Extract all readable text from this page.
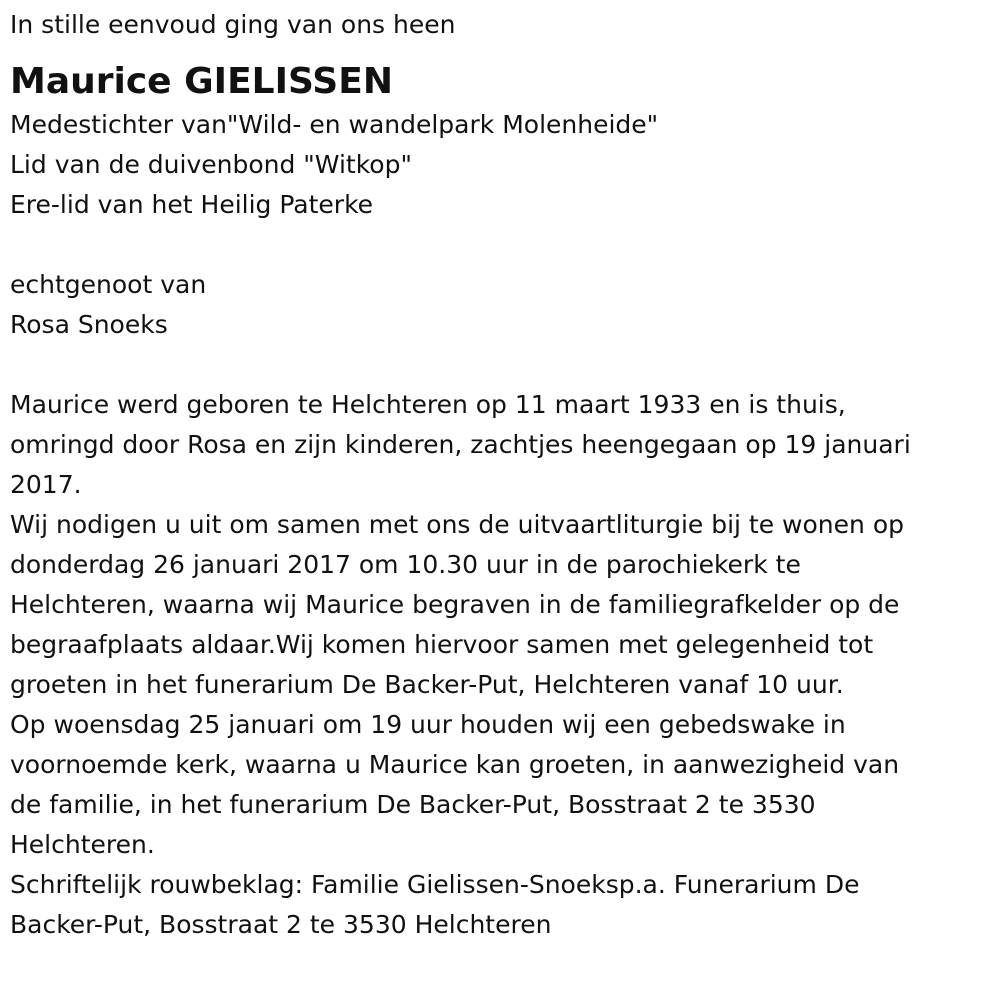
In stille eenvoud ging van ons heen
Maurice GIELISSEN
Medestichter van"Wild- en wandelpark Molenheide"
Lid van de duivenbond "Witkop"
Ere-lid van het Heilig Paterke
echtgenoot van
Rosa Snoeks
Maurice werd geboren te Helchteren op 11 maart 1933 en is thuis,
omringd door Rosa en zijn kinderen, zachtjes heengegaan op 19 januari
2017.
Wij nodigen u uit om samen met ons de uitvaartliturgie bij te wonen op
donderdag 26 januari 2017 om 10.30 uur in de parochiekerk te
Helchteren, waarna wij Maurice begraven in de familiegrafkelder op de
begraafplaats aldaar.Wij komen hiervoor samen met gelegenheid tot
groeten in het funerarium De Backer-Put, Helchteren vanaf 10 uur.
Op woensdag 25 januari om 19 uur houden wij een gebedswake in
voornoemde kerk, waarna u Maurice kan groeten, in aanwezigheid van
de familie, in het funerarium De Backer-Put, Bosstraat 2 te 3530
Helchteren.
Schriftelijk rouwbeklag: Familie Gielissen-Snoeksp.a. Funerarium De
Backer-Put, Bosstraat 2 te 3530 Helchteren
